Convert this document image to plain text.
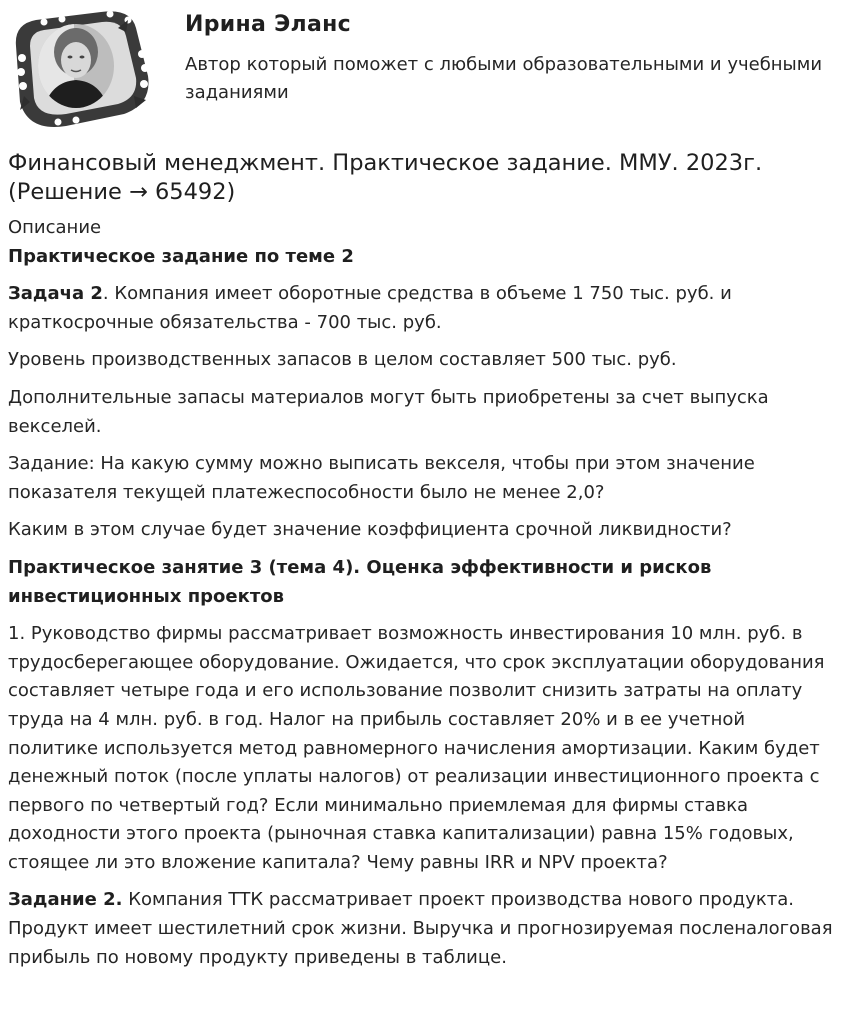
Ирина Эланс
Автор который поможет с любыми образовательными и учебными заданиями
Финансовый менеджмент. Практическое задание. ММУ. 2023г. (Решение → 65492)

Описание

Практическое задание по теме 2

Задача 2. Компания имеет оборотные средства в объеме 1 750 тыс. руб. и краткосрочные обязательства - 700 тыс. руб.

Уровень производственных запасов в целом составляет 500 тыс. руб.

Дополнительные запасы материалов могут быть приобретены за счет выпуска векселей.

Задание: На какую сумму можно выписать векселя, чтобы при этом значение показателя текущей платежеспособности было не менее 2,0?

Каким в этом случае будет значение коэффициента срочной ликвидности?

Практическое занятие 3 (тема 4). Оценка эффективности и рисков инвестиционных проектов

1. Руководство фирмы рассматривает возможность инвестирования 10 млн. руб. в трудосберегающее оборудование. Ожидается, что срок эксплуатации оборудования составляет четыре года и его использование позволит снизить затраты на оплату труда на 4 млн. руб. в год. Налог на прибыль составляет 20% и в ее учетной политике используется метод равномерного начисления амортизации. Каким будет денежный поток (после уплаты налогов) от реализации инвестиционного проекта с первого по четвертый год? Если минимально приемлемая для фирмы ставка доходности этого проекта (рыночная ставка капитализации) равна 15% годовых, стоящее ли это вложение капитала? Чему равны IRR и NPV проекта?

Задание 2. Компания ТТК рассматривает проект производства нового продукта. Продукт имеет шестилетний срок жизни. Выручка и прогнозируемая посленалоговая прибыль по новому продукту приведены в таблице.
